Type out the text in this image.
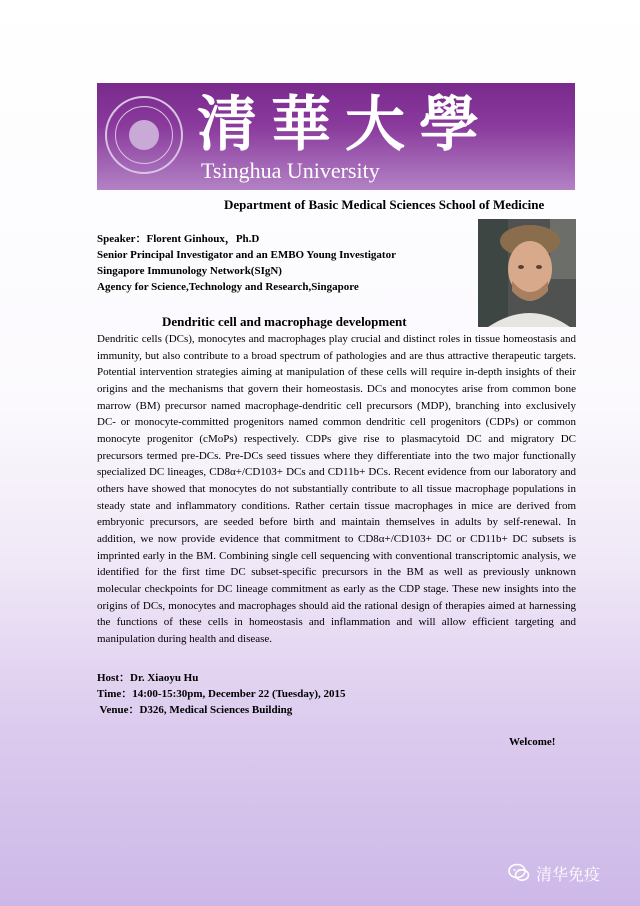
清華大學
Tsinghua University
Department of Basic Medical Sciences School of Medicine
Speaker：Florent Ginhoux，Ph.D
Senior Principal Investigator and an EMBO Young Investigator
Singapore Immunology Network(SIgN)
Agency for Science,Technology and Research,Singapore
Dendritic cell and macrophage development

Dendritic cells (DCs), monocytes and macrophages play crucial and distinct roles in tissue homeostasis and immunity, but also contribute to a broad spectrum of pathologies and are thus attractive therapeutic targets. Potential intervention strategies aiming at manipulation of these cells will require in-depth insights of their origins and the mechanisms that govern their homeostasis. DCs and monocytes arise from common bone marrow (BM) precursor named macrophage-dendritic cell precursors (MDP), branching into exclusively DC- or monocyte-committed progenitors named common dendritic cell progenitors (CDPs) or common monocyte progenitor (cMoPs) respectively. CDPs give rise to plasmacytoid DC and migratory DC precursors termed pre-DCs. Pre-DCs seed tissues where they differentiate into the two major functionally specialized DC lineages, CD8α+/CD103+ DCs and CD11b+ DCs. Recent evidence from our laboratory and others have showed that monocytes do not substantially contribute to all tissue macrophage populations in steady state and inflammatory conditions. Rather certain tissue macrophages in mice are derived from embryonic precursors, are seeded before birth and maintain themselves in adults by self-renewal. In addition, we now provide evidence that commitment to CD8α+/CD103+ DC or CD11b+ DC subsets is imprinted early in the BM. Combining single cell sequencing with conventional transcriptomic analysis, we identified for the first time DC subset-specific precursors in the BM as well as previously unknown molecular checkpoints for DC lineage commitment as early as the CDP stage. These new insights into the origins of DCs, monocytes and macrophages should aid the rational design of therapies aimed at harnessing the functions of these cells in homeostasis and inflammation and will allow efficient targeting and manipulation during health and disease.

Host：Dr. Xiaoyu Hu
Time：14:00-15:30pm, December 22 (Tuesday), 2015
Venue：D326, Medical Sciences Building
Welcome!
清华免疫
